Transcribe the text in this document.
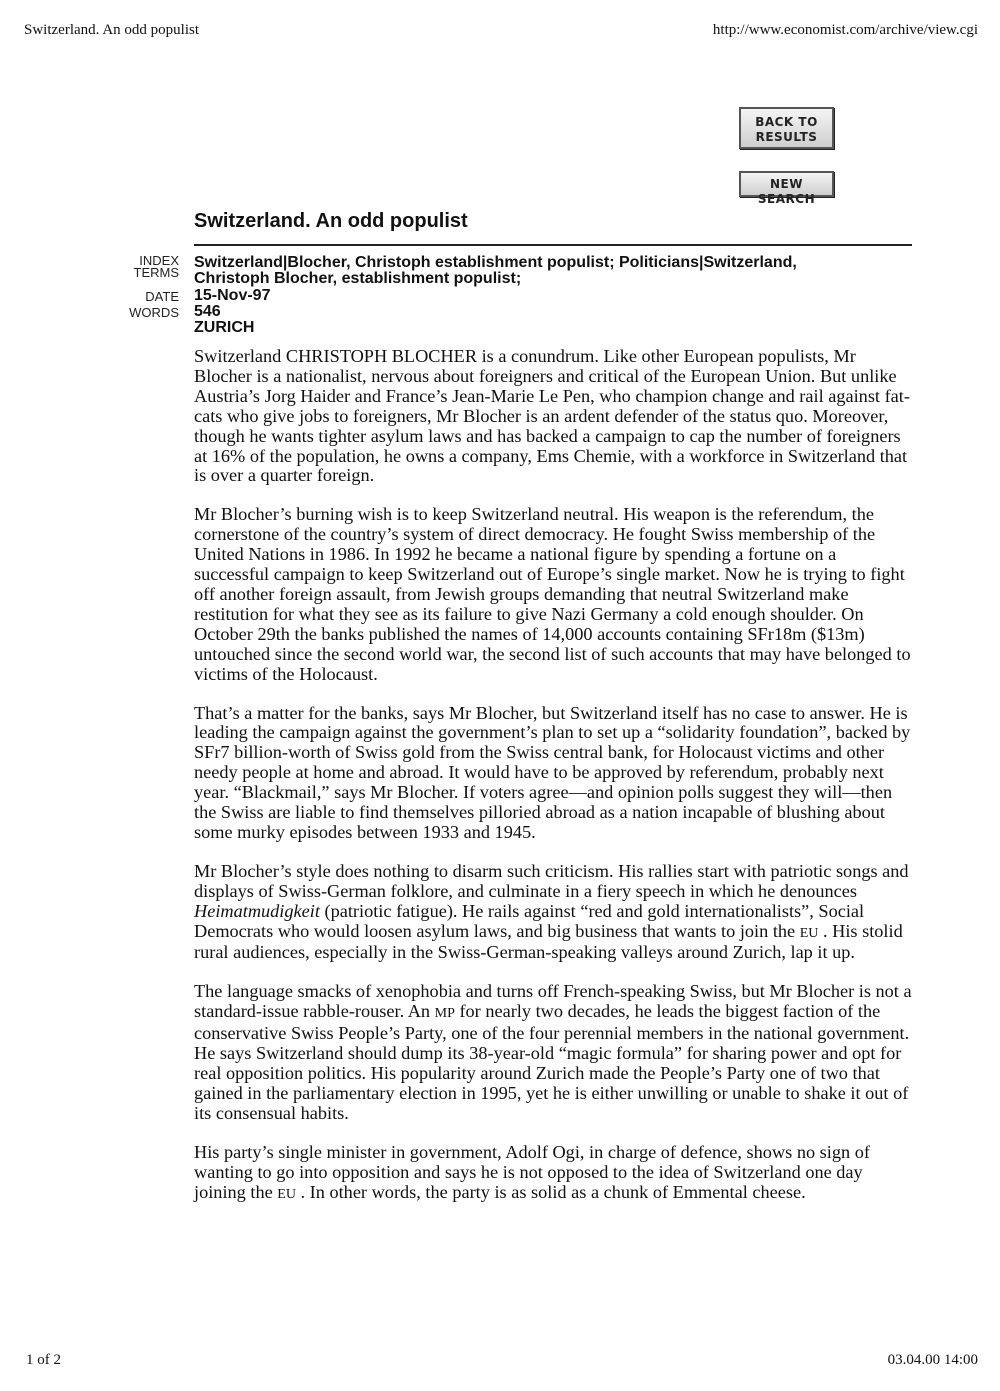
Switzerland. An odd populist	http://www.economist.com/archive/view.cgi
BACK TO
RESULTS
NEW SEARCH
Switzerland. An odd populist
INDEX
TERMS
Switzerland|Blocher, Christoph establishment populist; Politicians|Switzerland,
Christoph Blocher, establishment populist;
DATE 15-Nov-97
WORDS 546
ZURICH

Switzerland CHRISTOPH BLOCHER is a conundrum. Like other European populists, Mr Blocher is a nationalist, nervous about foreigners and critical of the European Union. But unlike Austria’s Jorg Haider and France’s Jean-Marie Le Pen, who champion change and rail against fat-cats who give jobs to foreigners, Mr Blocher is an ardent defender of the status quo. Moreover, though he wants tighter asylum laws and has backed a campaign to cap the number of foreigners at 16% of the population, he owns a company, Ems Chemie, with a workforce in Switzerland that is over a quarter foreign.

Mr Blocher’s burning wish is to keep Switzerland neutral. His weapon is the referendum, the cornerstone of the country’s system of direct democracy. He fought Swiss membership of the United Nations in 1986. In 1992 he became a national figure by spending a fortune on a successful campaign to keep Switzerland out of Europe’s single market. Now he is trying to fight off another foreign assault, from Jewish groups demanding that neutral Switzerland make restitution for what they see as its failure to give Nazi Germany a cold enough shoulder. On October 29th the banks published the names of 14,000 accounts containing SFr18m ($13m) untouched since the second world war, the second list of such accounts that may have belonged to victims of the Holocaust.

That’s a matter for the banks, says Mr Blocher, but Switzerland itself has no case to answer. He is leading the campaign against the government’s plan to set up a “solidarity foundation”, backed by SFr7 billion-worth of Swiss gold from the Swiss central bank, for Holocaust victims and other needy people at home and abroad. It would have to be approved by referendum, probably next year. “Blackmail,” says Mr Blocher. If voters agree—and opinion polls suggest they will—then the Swiss are liable to find themselves pilloried abroad as a nation incapable of blushing about some murky episodes between 1933 and 1945.

Mr Blocher’s style does nothing to disarm such criticism. His rallies start with patriotic songs and displays of Swiss-German folklore, and culminate in a fiery speech in which he denounces Heimatmudigkeit (patriotic fatigue). He rails against “red and gold internationalists”, Social Democrats who would loosen asylum laws, and big business that wants to join the EU . His stolid rural audiences, especially in the Swiss-German-speaking valleys around Zurich, lap it up.

The language smacks of xenophobia and turns off French-speaking Swiss, but Mr Blocher is not a standard-issue rabble-rouser. An MP for nearly two decades, he leads the biggest faction of the conservative Swiss People’s Party, one of the four perennial members in the national government. He says Switzerland should dump its 38-year-old “magic formula” for sharing power and opt for real opposition politics. His popularity around Zurich made the People’s Party one of two that gained in the parliamentary election in 1995, yet he is either unwilling or unable to shake it out of its consensual habits.

His party’s single minister in government, Adolf Ogi, in charge of defence, shows no sign of wanting to go into opposition and says he is not opposed to the idea of Switzerland one day joining the EU . In other words, the party is as solid as a chunk of Emmental cheese.

1 of 2	03.04.00 14:00
